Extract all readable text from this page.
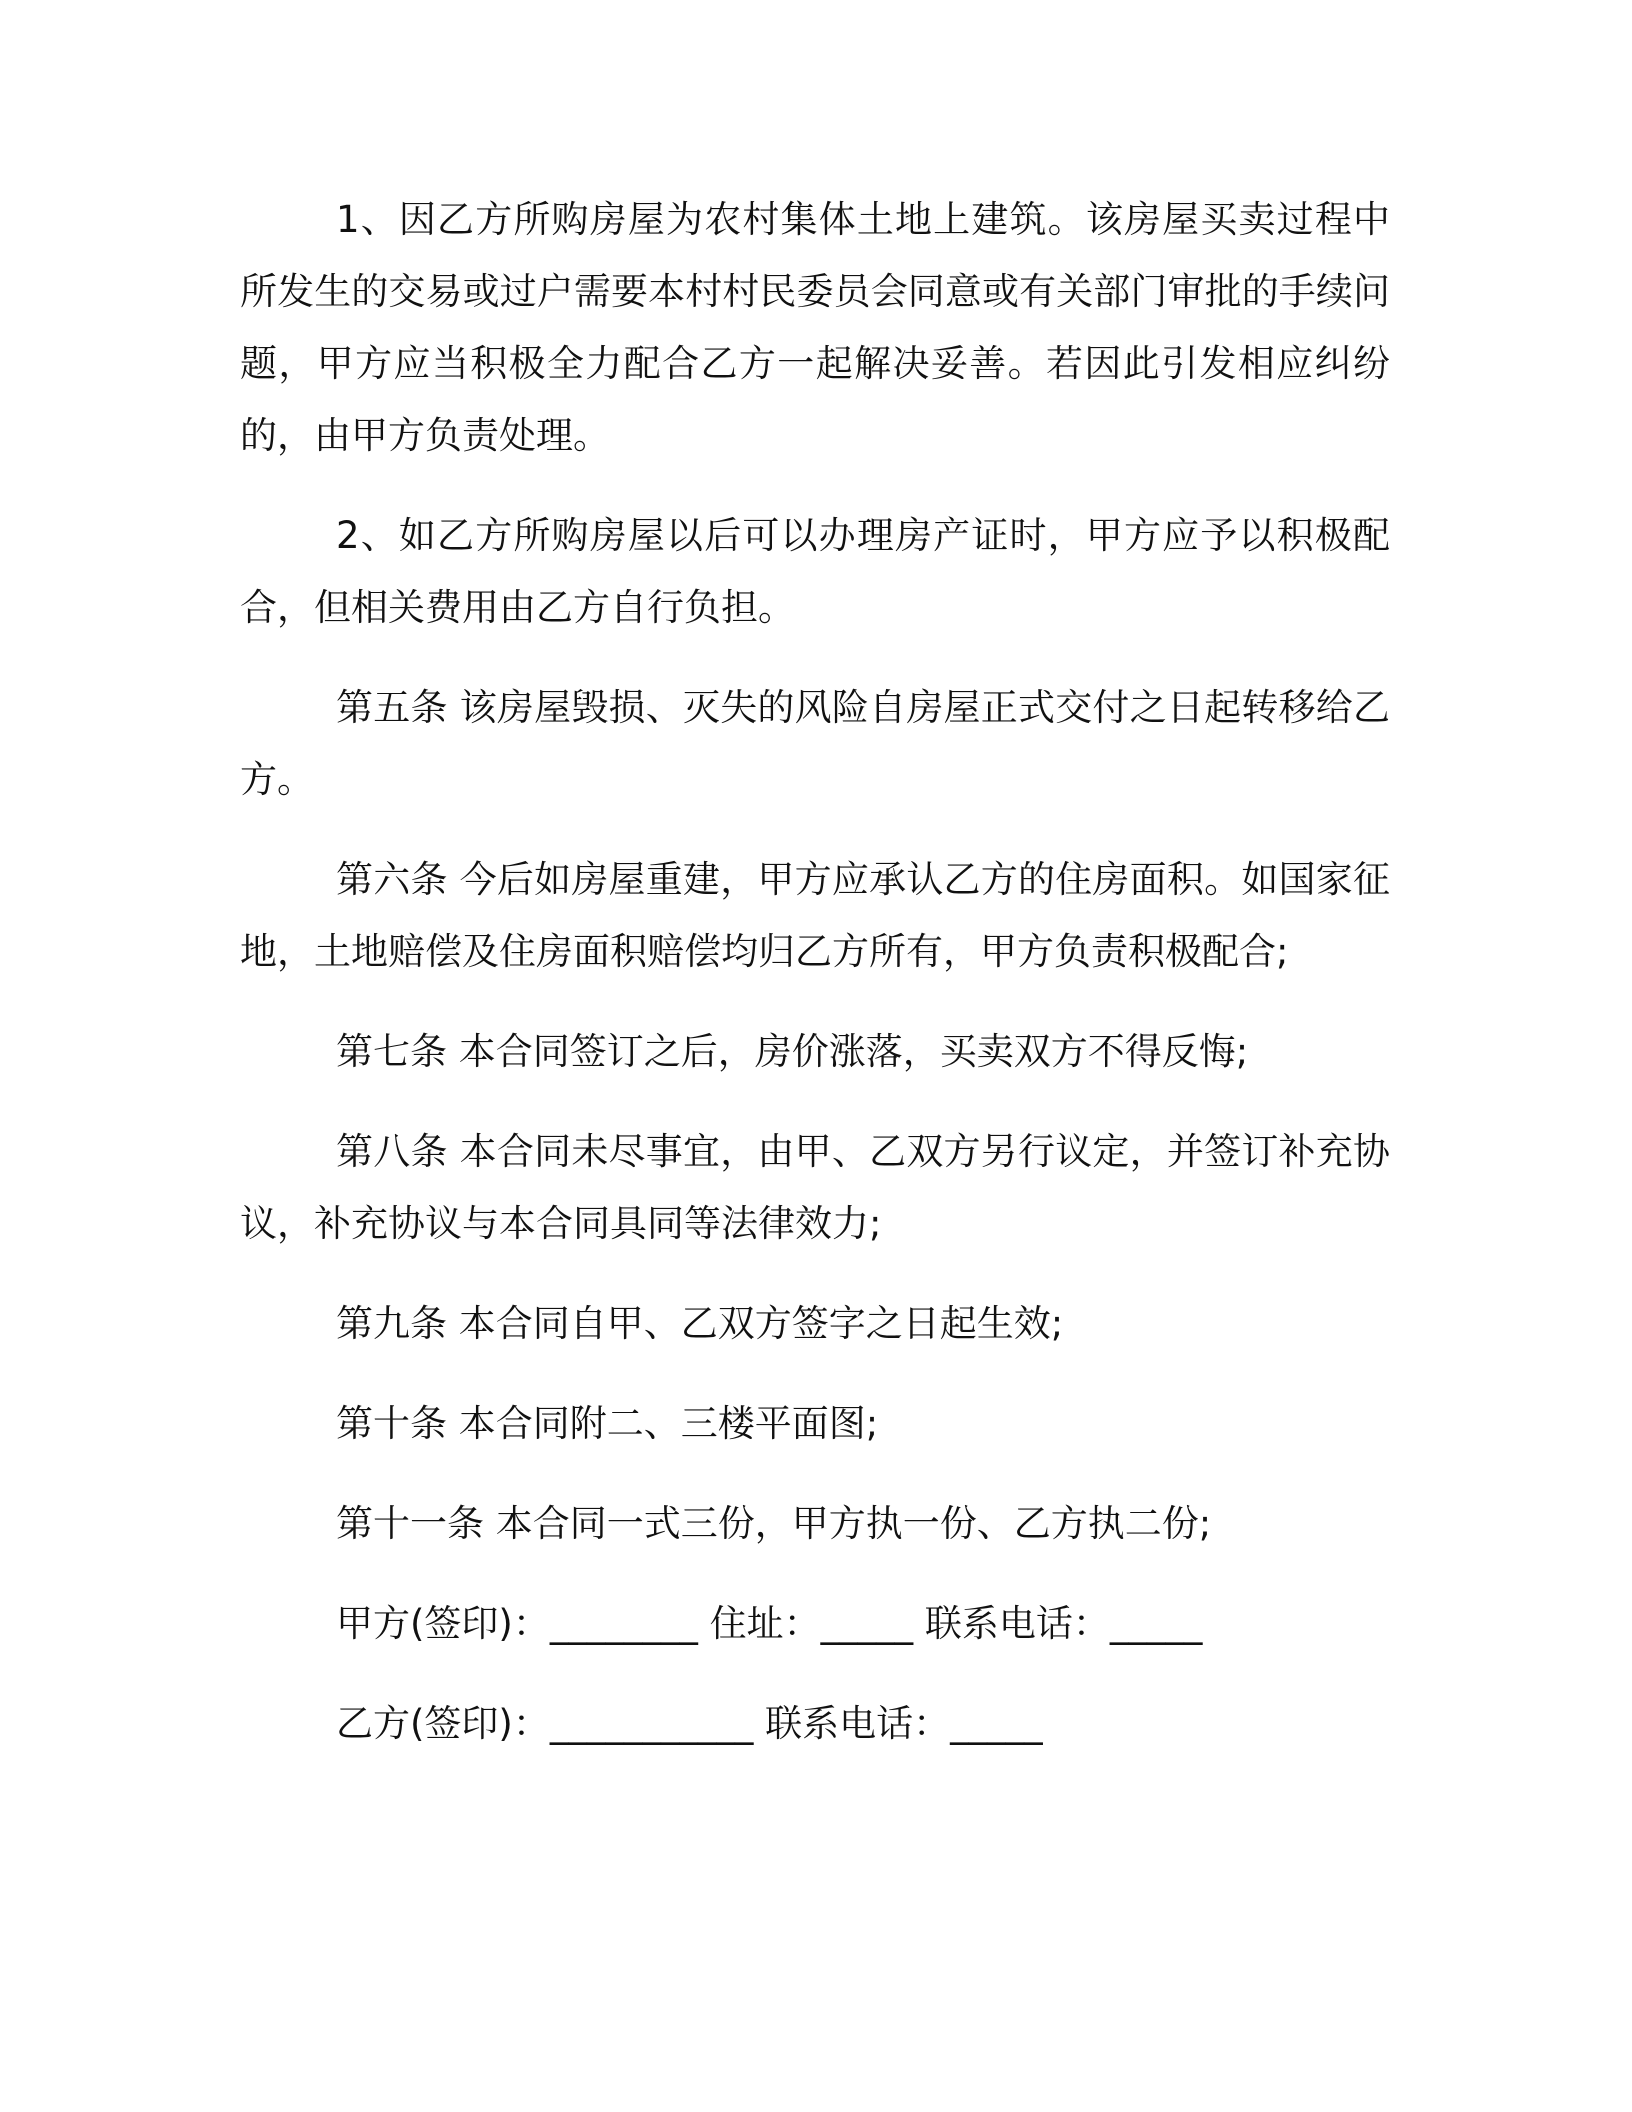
1、因乙方所购房屋为农村集体土地上建筑。该房屋买卖过程中所发生的交易或过户需要本村村民委员会同意或有关部门审批的手续问题，甲方应当积极全力配合乙方一起解决妥善。若因此引发相应纠纷的，由甲方负责处理。

2、如乙方所购房屋以后可以办理房产证时，甲方应予以积极配合，但相关费用由乙方自行负担。

第五条 该房屋毁损、灭失的风险自房屋正式交付之日起转移给乙方。

第六条 今后如房屋重建，甲方应承认乙方的住房面积。如国家征地，土地赔偿及住房面积赔偿均归乙方所有，甲方负责积极配合;

第七条 本合同签订之后，房价涨落，买卖双方不得反悔;

第八条 本合同未尽事宜，由甲、乙双方另行议定，并签订补充协议，补充协议与本合同具同等法律效力;

第九条 本合同自甲、乙双方签字之日起生效;

第十条 本合同附二、三楼平面图;

第十一条 本合同一式三份，甲方执一份、乙方执二份;

甲方(签印)：________ 住址：_____ 联系电话：_____

乙方(签印)：___________ 联系电话：_____
